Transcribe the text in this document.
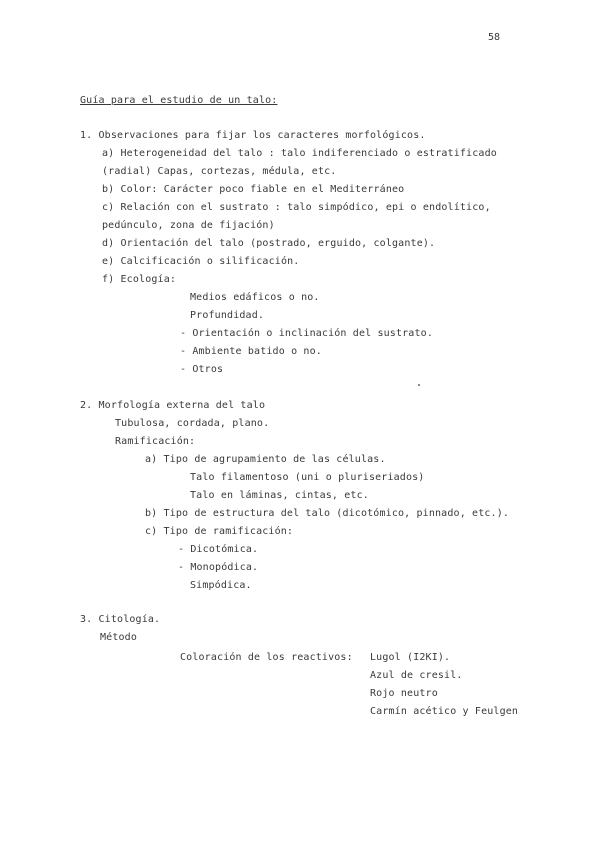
58
Guía para el estudio de un talo:
1. Observaciones para fijar los caracteres morfológicos.
a) Heterogeneidad del talo : talo indiferenciado o estratificado
(radial) Capas, cortezas, médula, etc.
b) Color: Carácter poco fiable en el Mediterráneo
c) Relación con el sustrato : talo simpódico, epi o endolítico,
pedúnculo, zona de fijación)
d) Orientación del talo (postrado, erguido, colgante).
e) Calcificación o silificación.
f) Ecología:
Medios edáficos o no.
Profundidad.
- Orientación o inclinación del sustrato.
- Ambiente batido o no.
- Otros
2. Morfología externa del talo
Tubulosa, cordada, plano.
Ramificación:
a) Tipo de agrupamiento de las células.
Talo filamentoso (uni o pluriseriados)
Talo en láminas, cintas, etc.
b) Tipo de estructura del talo (dicotómico, pinnado, etc.).
c) Tipo de ramificación:
- Dicotómica.
- Monopódica.
Simpódica.
3. Citología.
Método
Coloración de los reactivos: Lugol (I2KI).
Azul de cresil.
Rojo neutro
Carmín acético y Feulgen
